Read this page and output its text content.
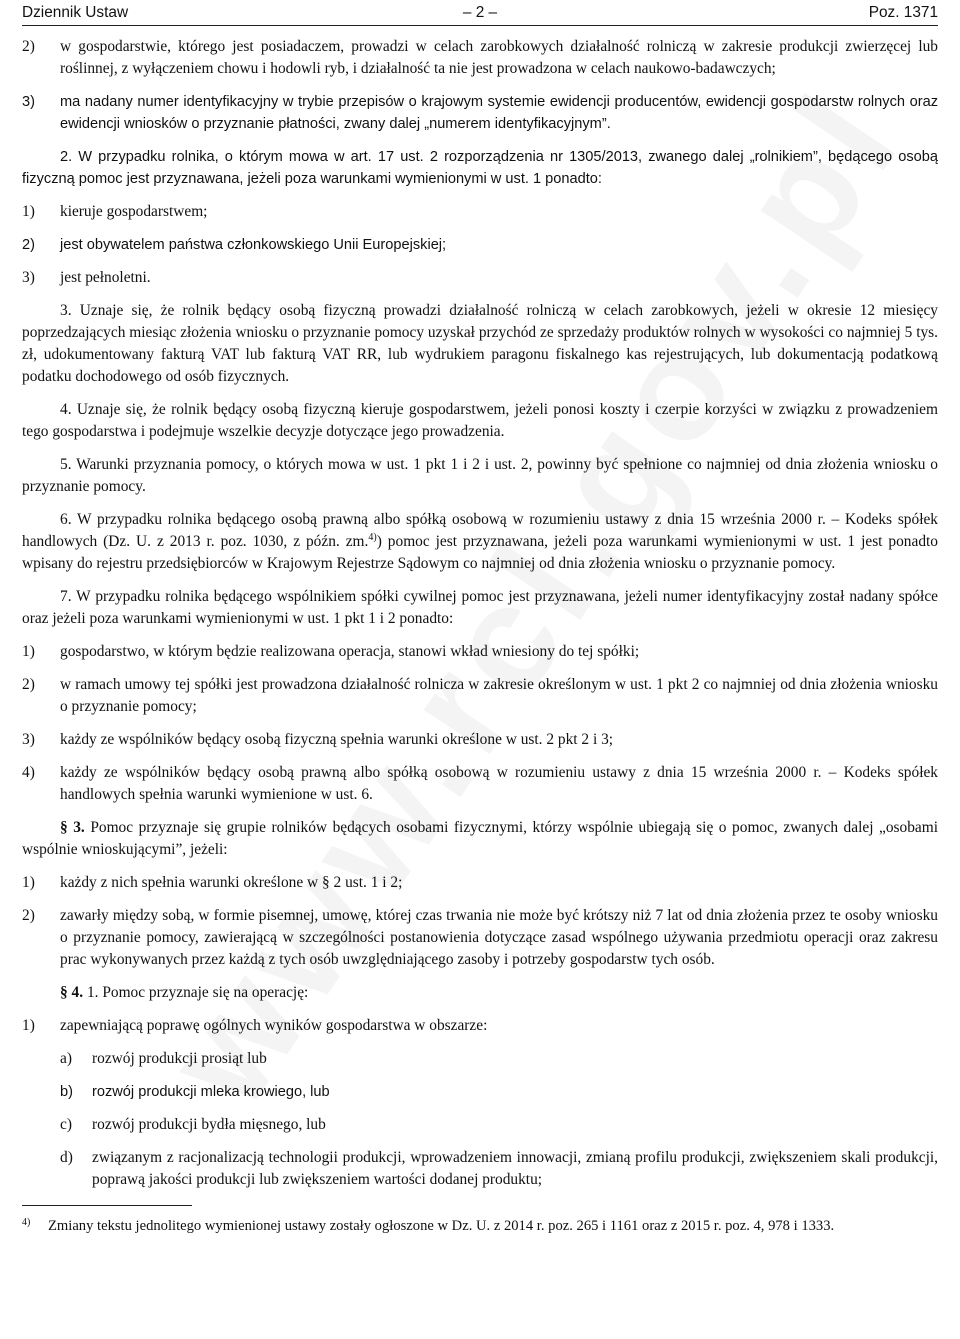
Dziennik Ustaw	– 2 –	Poz. 1371
2)	w gospodarstwie, którego jest posiadaczem, prowadzi w celach zarobkowych działalność rolniczą w zakresie produkcji zwierzęcej lub roślinnej, z wyłączeniem chowu i hodowli ryb, i działalność ta nie jest prowadzona w celach naukowo-badawczych;
3)	ma nadany numer identyfikacyjny w trybie przepisów o krajowym systemie ewidencji producentów, ewidencji gospodarstw rolnych oraz ewidencji wniosków o przyznanie płatności, zwany dalej „numerem identyfikacyjnym”.

2. W przypadku rolnika, o którym mowa w art. 17 ust. 2 rozporządzenia nr 1305/2013, zwanego dalej „rolnikiem”, będącego osobą fizyczną pomoc jest przyznawana, jeżeli poza warunkami wymienionymi w ust. 1 ponadto:

1)	kieruje gospodarstwem;
2)	jest obywatelem państwa członkowskiego Unii Europejskiej;
3)	jest pełnoletni.

3. Uznaje się, że rolnik będący osobą fizyczną prowadzi działalność rolniczą w celach zarobkowych, jeżeli w okresie 12 miesięcy poprzedzających miesiąc złożenia wniosku o przyznanie pomocy uzyskał przychód ze sprzedaży produktów rolnych w wysokości co najmniej 5 tys. zł, udokumentowany fakturą VAT lub fakturą VAT RR, lub wydrukiem paragonu fiskalnego kas rejestrujących, lub dokumentacją podatkową podatku dochodowego od osób fizycznych.

4. Uznaje się, że rolnik będący osobą fizyczną kieruje gospodarstwem, jeżeli ponosi koszty i czerpie korzyści w związku z prowadzeniem tego gospodarstwa i podejmuje wszelkie decyzje dotyczące jego prowadzenia.

5. Warunki przyznania pomocy, o których mowa w ust. 1 pkt 1 i 2 i ust. 2, powinny być spełnione co najmniej od dnia złożenia wniosku o przyznanie pomocy.

6. W przypadku rolnika będącego osobą prawną albo spółką osobową w rozumieniu ustawy z dnia 15 września 2000 r. – Kodeks spółek handlowych (Dz. U. z 2013 r. poz. 1030, z późn. zm.$^{4)}$) pomoc jest przyznawana, jeżeli poza warunkami wymienionymi w ust. 1 jest ponadto wpisany do rejestru przedsiębiorców w Krajowym Rejestrze Sądowym co najmniej od dnia złożenia wniosku o przyznanie pomocy.

7. W przypadku rolnika będącego wspólnikiem spółki cywilnej pomoc jest przyznawana, jeżeli numer identyfikacyjny został nadany spółce oraz jeżeli poza warunkami wymienionymi w ust. 1 pkt 1 i 2 ponadto:

1)	gospodarstwo, w którym będzie realizowana operacja, stanowi wkład wniesiony do tej spółki;
2)	w ramach umowy tej spółki jest prowadzona działalność rolnicza w zakresie określonym w ust. 1 pkt 2 co najmniej od dnia złożenia wniosku o przyznanie pomocy;
3)	każdy ze wspólników będący osobą fizyczną spełnia warunki określone w ust. 2 pkt 2 i 3;
4)	każdy ze wspólników będący osobą prawną albo spółką osobową w rozumieniu ustawy z dnia 15 września 2000 r. – Kodeks spółek handlowych spełnia warunki wymienione w ust. 6.

§ 3. Pomoc przyznaje się grupie rolników będących osobami fizycznymi, którzy wspólnie ubiegają się o pomoc, zwanych dalej „osobami wspólnie wnioskującymi”, jeżeli:

1)	każdy z nich spełnia warunki określone w § 2 ust. 1 i 2;
2)	zawarły między sobą, w formie pisemnej, umowę, której czas trwania nie może być krótszy niż 7 lat od dnia złożenia przez te osoby wniosku o przyznanie pomocy, zawierającą w szczególności postanowienia dotyczące zasad wspólnego używania przedmiotu operacji oraz zakresu prac wykonywanych przez każdą z tych osób uwzględniającego zasoby i potrzeby gospodarstw tych osób.

§ 4. 1. Pomoc przyznaje się na operację:

1)	zapewniającą poprawę ogólnych wyników gospodarstwa w obszarze:
a)	rozwój produkcji prosiąt lub
b)	rozwój produkcji mleka krowiego, lub
c)	rozwój produkcji bydła mięsnego, lub
d)	związanym z racjonalizacją technologii produkcji, wprowadzeniem innowacji, zmianą profilu produkcji, zwiększeniem skali produkcji, poprawą jakości produkcji lub zwiększeniem wartości dodanej produktu;
4)	Zmiany tekstu jednolitego wymienionej ustawy zostały ogłoszone w Dz. U. z 2014 r. poz. 265 i 1161 oraz z 2015 r. poz. 4, 978 i 1333.
